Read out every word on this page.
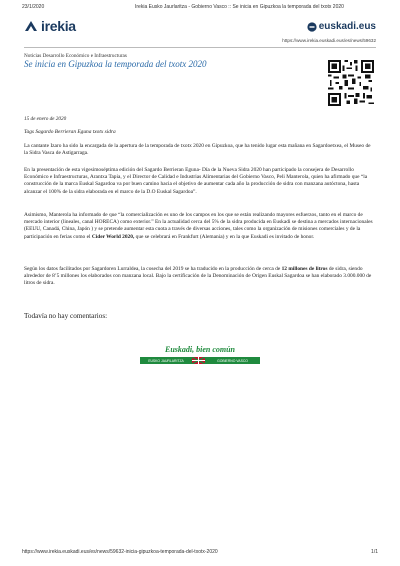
23/1/2020	Irekia Eusko Jaurlaritza - Gobierno Vasco :: Se inicia en Gipuzkoa la temporada del txotx 2020
irekia	euskadi.eus
https://www.irekia.euskadi.eus/es/news/59632
Noticias Desarrollo Económico e Infraestructuras
Se inicia en Gipuzkoa la temporada del txotx 2020
15 de enero de 2020
Tags Sagardo Berrieran Eguna txotx sidra

La cantante Izaro ha sido la encargada de la apertura de la temporada de txotx 2020 en Gipuzkoa, que ha tenido lugar esta mañana en Sagardoetxea, el Museo de la Sidra Vasca de Astigarraga.

En la presentación de esta vigesimoséptima edición del Sagardo Berrieran Eguna- Día de la Nueva Sidra 2020 han participado la consejera de Desarrollo Económico e Infraestructuras, Arantxa Tapia, y el Director de Calidad e Industrias Alimentarias del Gobierno Vasco, Peli Manterola, quien ha afirmado que “la construcción de la marca Euskal Sagardoa va por buen camino hacia el objetivo de aumentar cada año la producción de sidra con manzana autóctona, hasta alcanzar el 100% de la sidra elaborada en el marco de la D.O Euskal Sagardoa”.

Asimismo, Manterola ha informado de que “la comercialización es uno de los campos en los que se están realizando mayores esfuerzos, tanto en el marco de mercado interior (lineales, canal HORECA) como exterior.” En la actualidad cerca del 5% de la sidra producida en Euskadi se destina a mercados internacionales (EEUU, Canadá, China, Japón ) y se pretende aumentar esta cuota a través de diversas acciones, tales como la organización de misiones comerciales y de la participación en ferias como el Cider World 2020, que se celebrará en Frankfurt (Alemania) y en la que Euskadi es invitado de honor.

Según los datos facilitados por Sagardoren Lurraldea, la cosecha del 2019 se ha traducido en la producción de cerca de 12 millones de litros de sidra, siendo alrededor de 8’5 millones los elaborados con manzana local. Bajo la certificación de la Denominación de Origen Euskal Sagardoa se han elaborado 3.000.000 de litros de sidra.

Todavía no hay comentarios:
Euskadi, bien común
EUSKO JAURLARITZA	GOBIERNO VASCO
https://www.irekia.euskadi.eus/es/news/59632-inicia-gipuzkoa-temporada-del-txotx-2020	1/1
